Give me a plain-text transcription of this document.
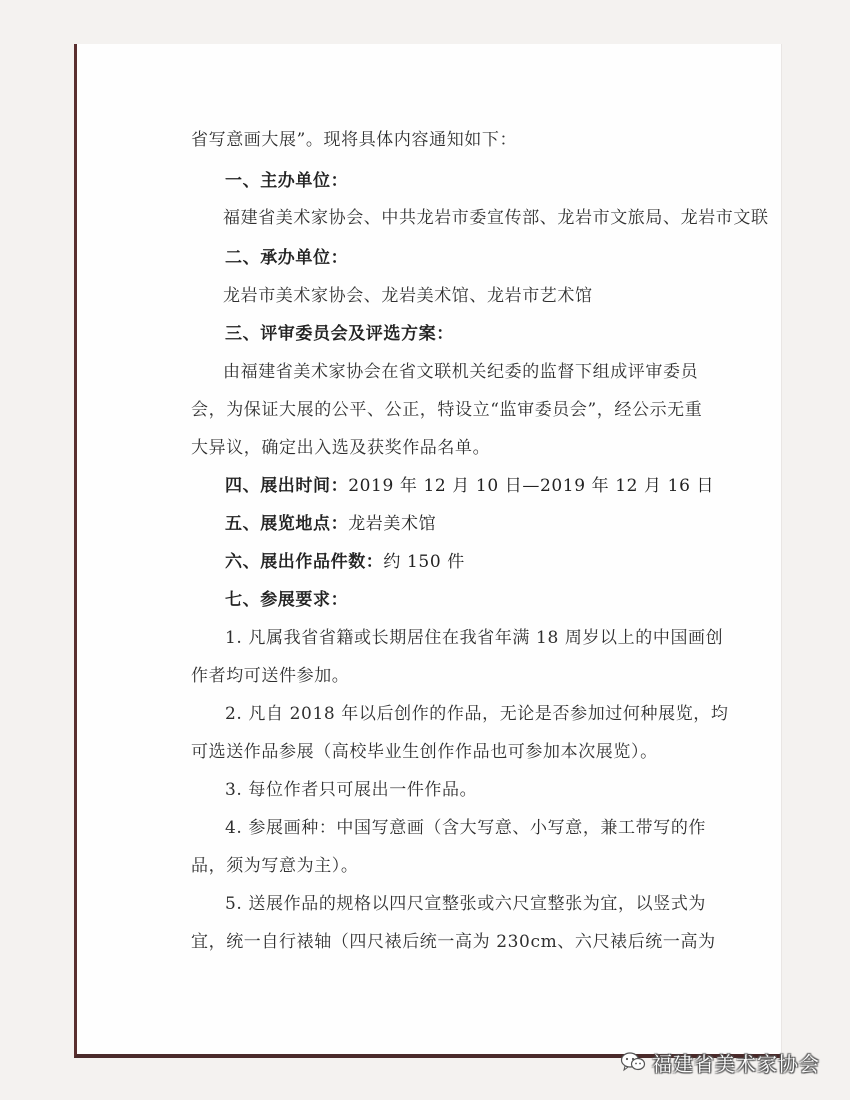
省写意画大展”。现将具体内容通知如下：
一、主办单位：
福建省美术家协会、中共龙岩市委宣传部、龙岩市文旅局、龙岩市文联
二、承办单位：
龙岩市美术家协会、龙岩美术馆、龙岩市艺术馆
三、评审委员会及评选方案：
由福建省美术家协会在省文联机关纪委的监督下组成评审委员
会，为保证大展的公平、公正，特设立“监审委员会”，经公示无重
大异议，确定出入选及获奖作品名单。
四、展出时间：2019 年 12 月 10 日—2019 年 12 月 16 日
五、展览地点：龙岩美术馆
六、展出作品件数：约 150 件
七、参展要求：
1. 凡属我省省籍或长期居住在我省年满 18 周岁以上的中国画创
作者均可送件参加。
2. 凡自 2018 年以后创作的作品，无论是否参加过何种展览，均
可选送作品参展（高校毕业生创作作品也可参加本次展览）。
3. 每位作者只可展出一件作品。
4. 参展画种：中国写意画（含大写意、小写意，兼工带写的作
品，须为写意为主）。
5. 送展作品的规格以四尺宣整张或六尺宣整张为宜，以竖式为
宜，统一自行裱轴（四尺裱后统一高为 230cm、六尺裱后统一高为
福建省美术家协会
